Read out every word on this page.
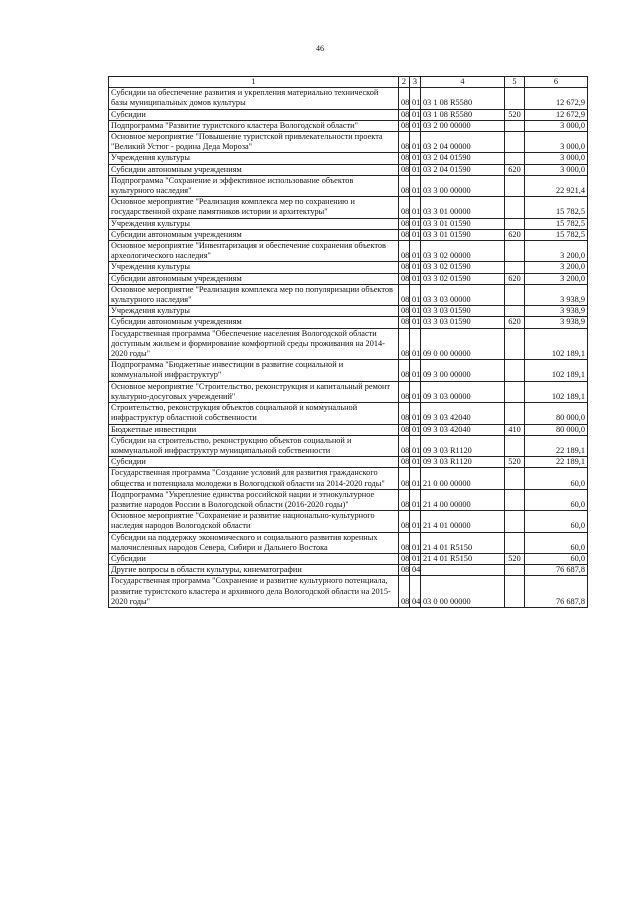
46
1	2	3	4	5	6
Субсидии на обеспечение развития и укрепления материально технической базы муниципальных домов культуры	08	01	03 1 08 R5580		12 672,9
Субсидии	08	01	03 1 08 R5580	520	12 672,9
Подпрограмма "Развитие туристского кластера Вологодской области"	08	01	03 2 00 00000		3 000,0
Основное мероприятие "Повышение туристской привлекательности проекта "Великий Устюг - родина Деда Мороза"	08	01	03 2 04 00000		3 000,0
Учреждения культуры	08	01	03 2 04 01590		3 000,0
Субсидии автономным учреждениям	08	01	03 2 04 01590	620	3 000,0
Подпрограмма "Сохранение и эффективное использование объектов культурного наследия"	08	01	03 3 00 00000		22 921,4
Основное мероприятие "Реализация комплекса мер по сохранению и государственной охране памятников истории и архитектуры"	08	01	03 3 01 00000		15 782,5
Учреждения культуры	08	01	03 3 01 01590		15 782,5
Субсидии автономным учреждениям	08	01	03 3 01 01590	620	15 782,5
Основное мероприятие "Инвентаризация и обеспечение сохранения объектов археологического наследия"	08	01	03 3 02 00000		3 200,0
Учреждения культуры	08	01	03 3 02 01590		3 200,0
Субсидии автономным учреждениям	08	01	03 3 02 01590	620	3 200,0
Основное мероприятие "Реализация комплекса мер по популяризации объектов культурного наследия"	08	01	03 3 03 00000		3 938,9
Учреждения культуры	08	01	03 3 03 01590		3 938,9
Субсидии автономным учреждениям	08	01	03 3 03 01590	620	3 938,9
Государственная программа "Обеспечение населения Вологодской области доступным жильем и формирование комфортной среды проживания на 2014-2020 годы"	08	01	09 0 00 00000		102 189,1
Подпрограмма "Бюджетные инвестиции в развитие социальной и коммунальной инфраструктур"	08	01	09 3 00 00000		102 189,1
Основное мероприятие "Строительство, реконструкция и капитальный ремонт культурно-досуговых учреждений"	08	01	09 3 03 00000		102 189,1
Строительство, реконструкция объектов социальной и коммунальной инфраструктур областной собственности	08	01	09 3 03 42040		80 000,0
Бюджетные инвестиции	08	01	09 3 03 42040	410	80 000,0
Субсидии на строительство, реконструкцию объектов социальной и коммунальной инфраструктур муниципальной собственности	08	01	09 3 03 R1120		22 189,1
Субсидии	08	01	09 3 03 R1120	520	22 189,1
Государственная программа "Создание условий для развития гражданского общества и потенциала молодежи в Вологодской области на 2014-2020 годы"	08	01	21 0 00 00000		60,0
Подпрограмма "Укрепление единства российской нации и этнокультурное развитие народов России в Вологодской области (2016-2020 годы)"	08	01	21 4 00 00000		60,0
Основное мероприятие "Сохранение и развитие национально-культурного наследия народов Вологодской области	08	01	21 4 01 00000		60,0
Субсидии на поддержку экономического и социального развития коренных малочисленных народов Севера, Сибири и Дальнего Востока	08	01	21 4 01 R5150		60,0
Субсидии	08	01	21 4 01 R5150	520	60,0
Другие вопросы в области культуры, кинематографии	08	04			76 687,8
Государственная программа "Сохранение и развитие культурного потенциала, развитие туристского кластера и архивного дела Вологодской области на 2015-2020 годы"	08	04	03 0 00 00000		76 687,8
